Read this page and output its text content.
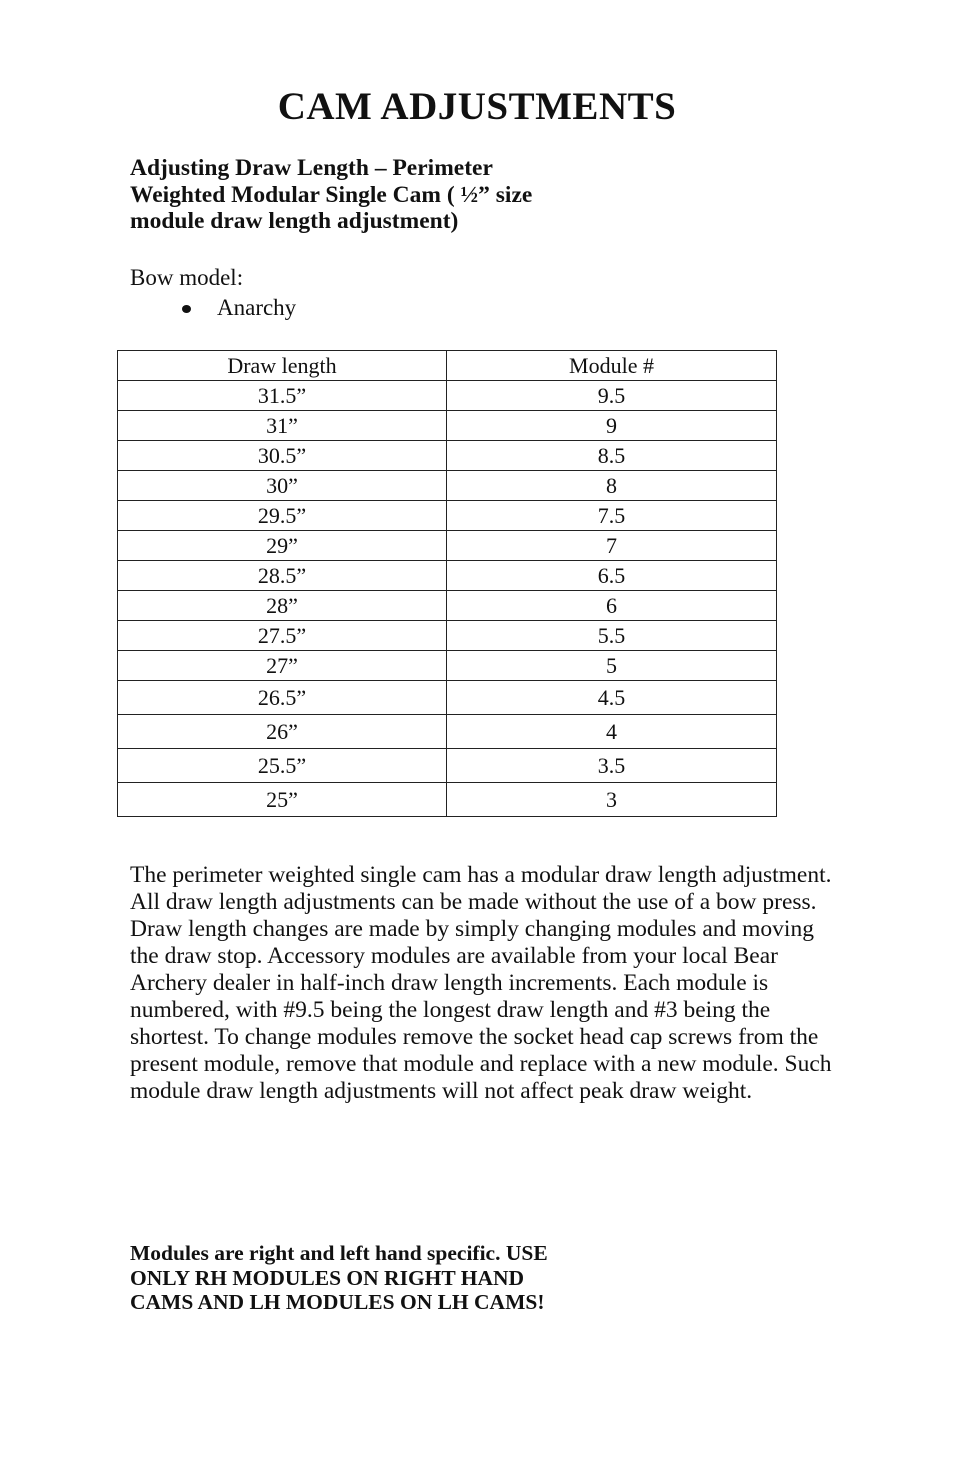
CAM ADJUSTMENTS
Adjusting Draw Length – Perimeter
Weighted Modular Single Cam ( ½” size
module draw length adjustment)

Bow model:

Anarchy
Draw length	Module #
31.5”	9.5
31”	9
30.5”	8.5
30”	8
29.5”	7.5
29”	7
28.5”	6.5
28”	6
27.5”	5.5
27”	5
26.5”	4.5
26”	4
25.5”	3.5
25”	3

The perimeter weighted single cam has a modular draw length adjustment. All draw length adjustments can be made without the use of a bow press. Draw length changes are made by simply changing modules and moving the draw stop. Accessory modules are available from your local Bear Archery dealer in half-inch draw length increments. Each module is numbered, with #9.5 being the longest draw length and #3 being the shortest. To change modules remove the socket head cap screws from the present module, remove that module and replace with a new module. Such module draw length adjustments will not affect peak draw weight.

Modules are right and left hand specific. USE
ONLY RH MODULES ON RIGHT HAND
CAMS AND LH MODULES ON LH CAMS!
